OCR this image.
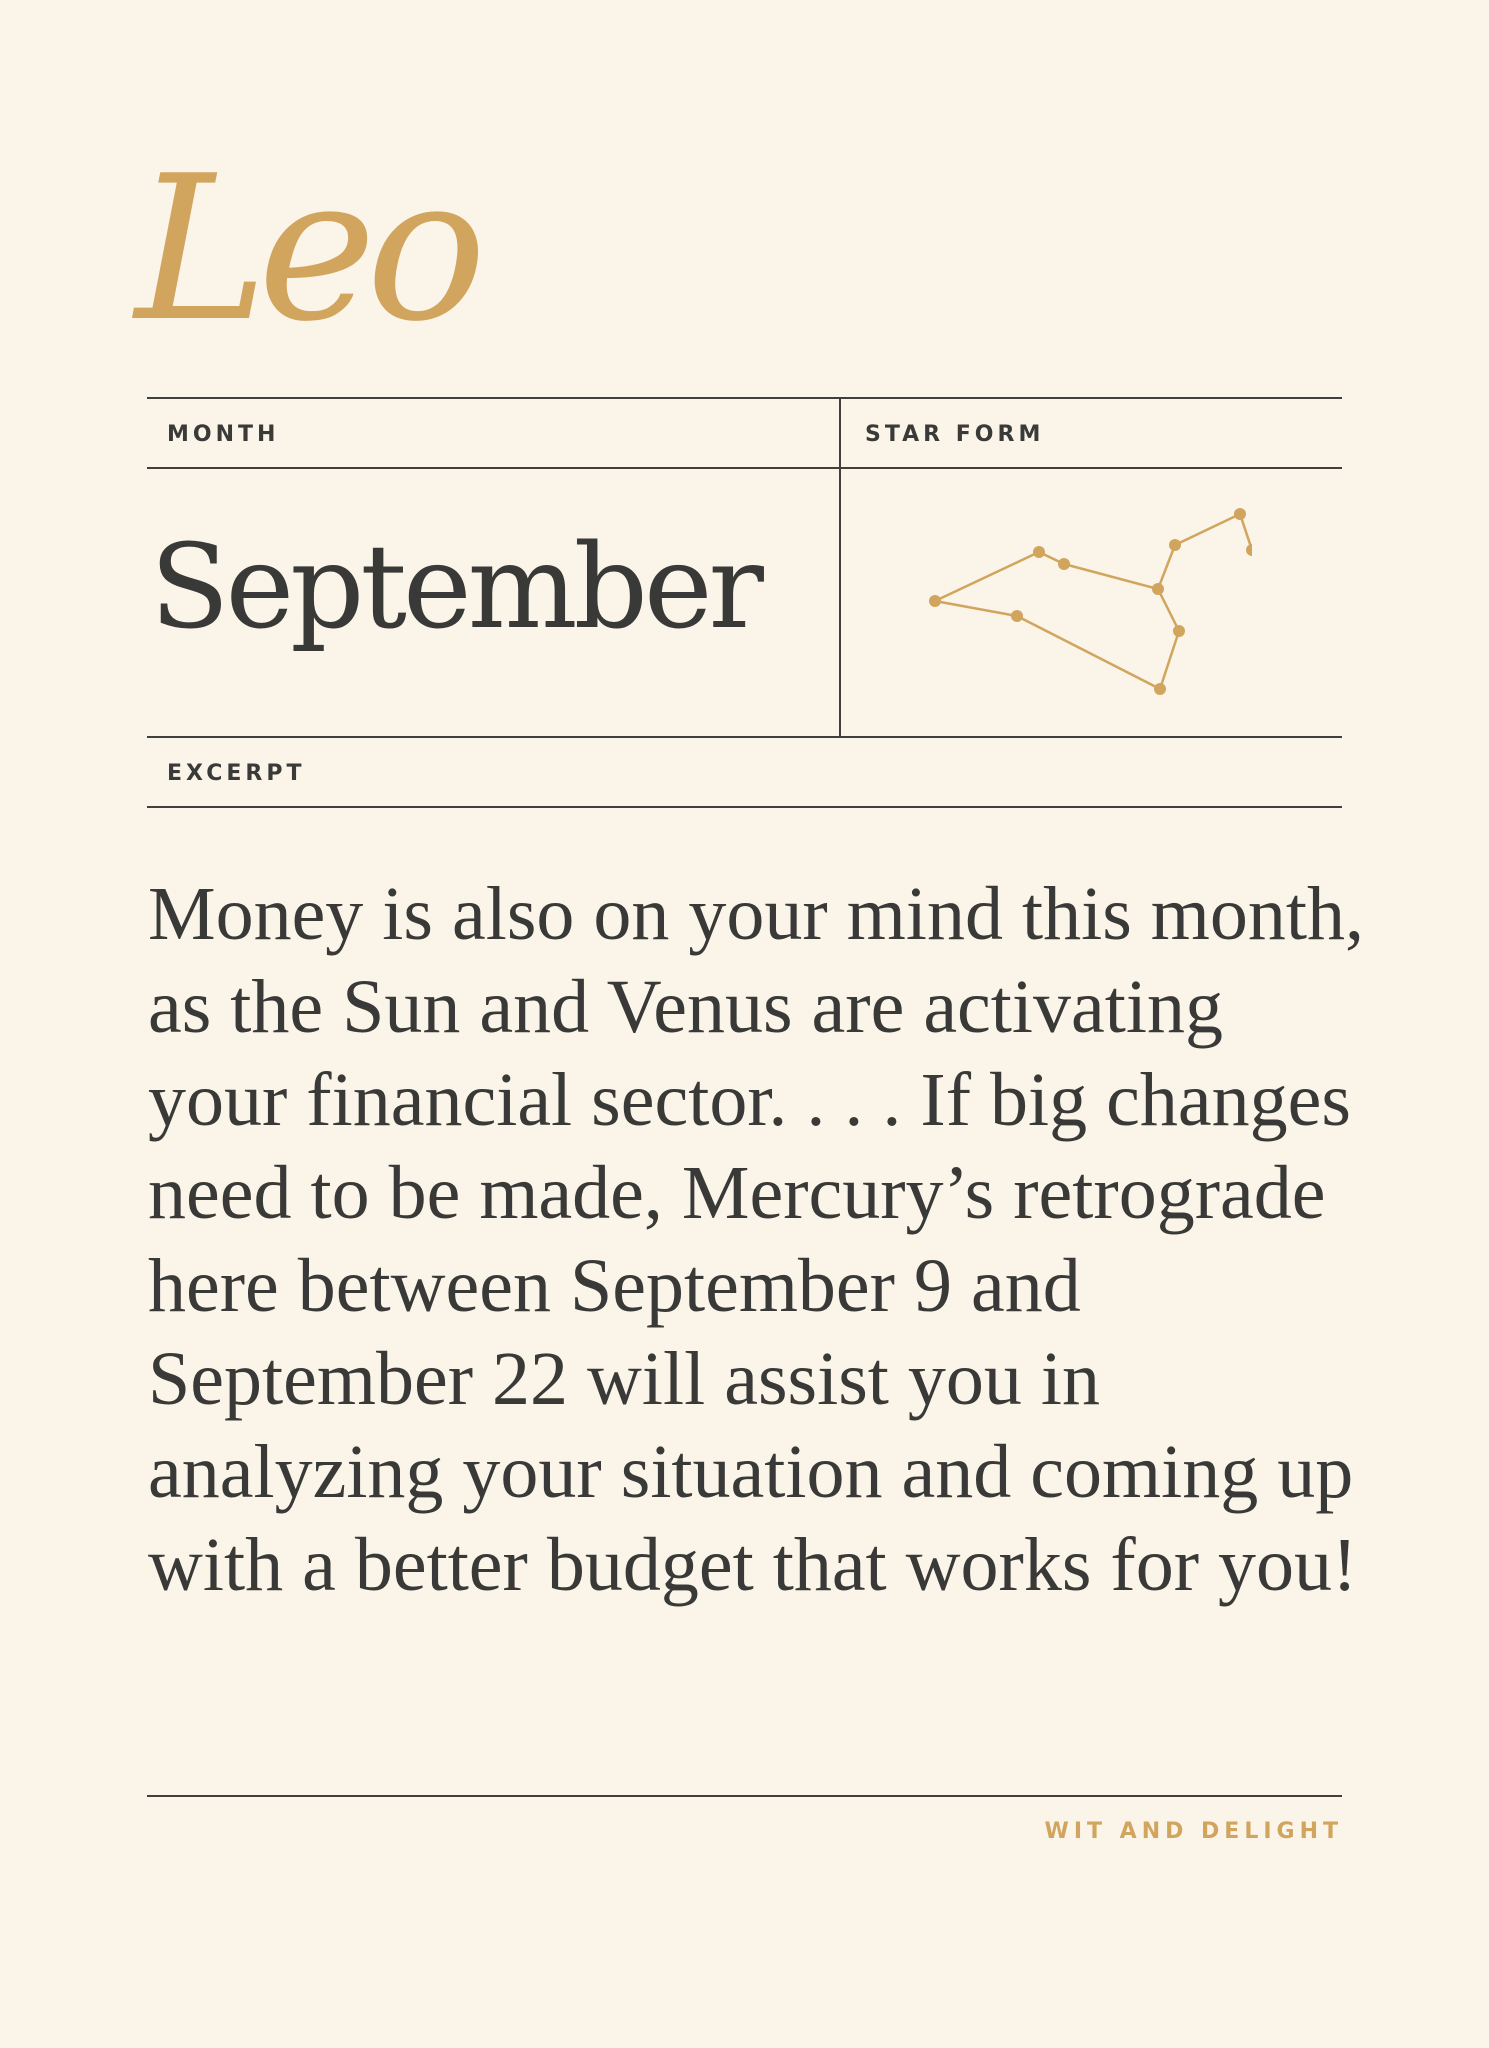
Leo
MONTH	STAR FORM
EXCERPT
September

Money is also on your mind this month, as the Sun and Venus are activating your financial sector. . . . If big changes need to be made, Mercury’s retrograde here between September 9 and September 22 will assist you in analyzing your situation and coming up with a better budget that works for you!

WIT AND DELIGHT
